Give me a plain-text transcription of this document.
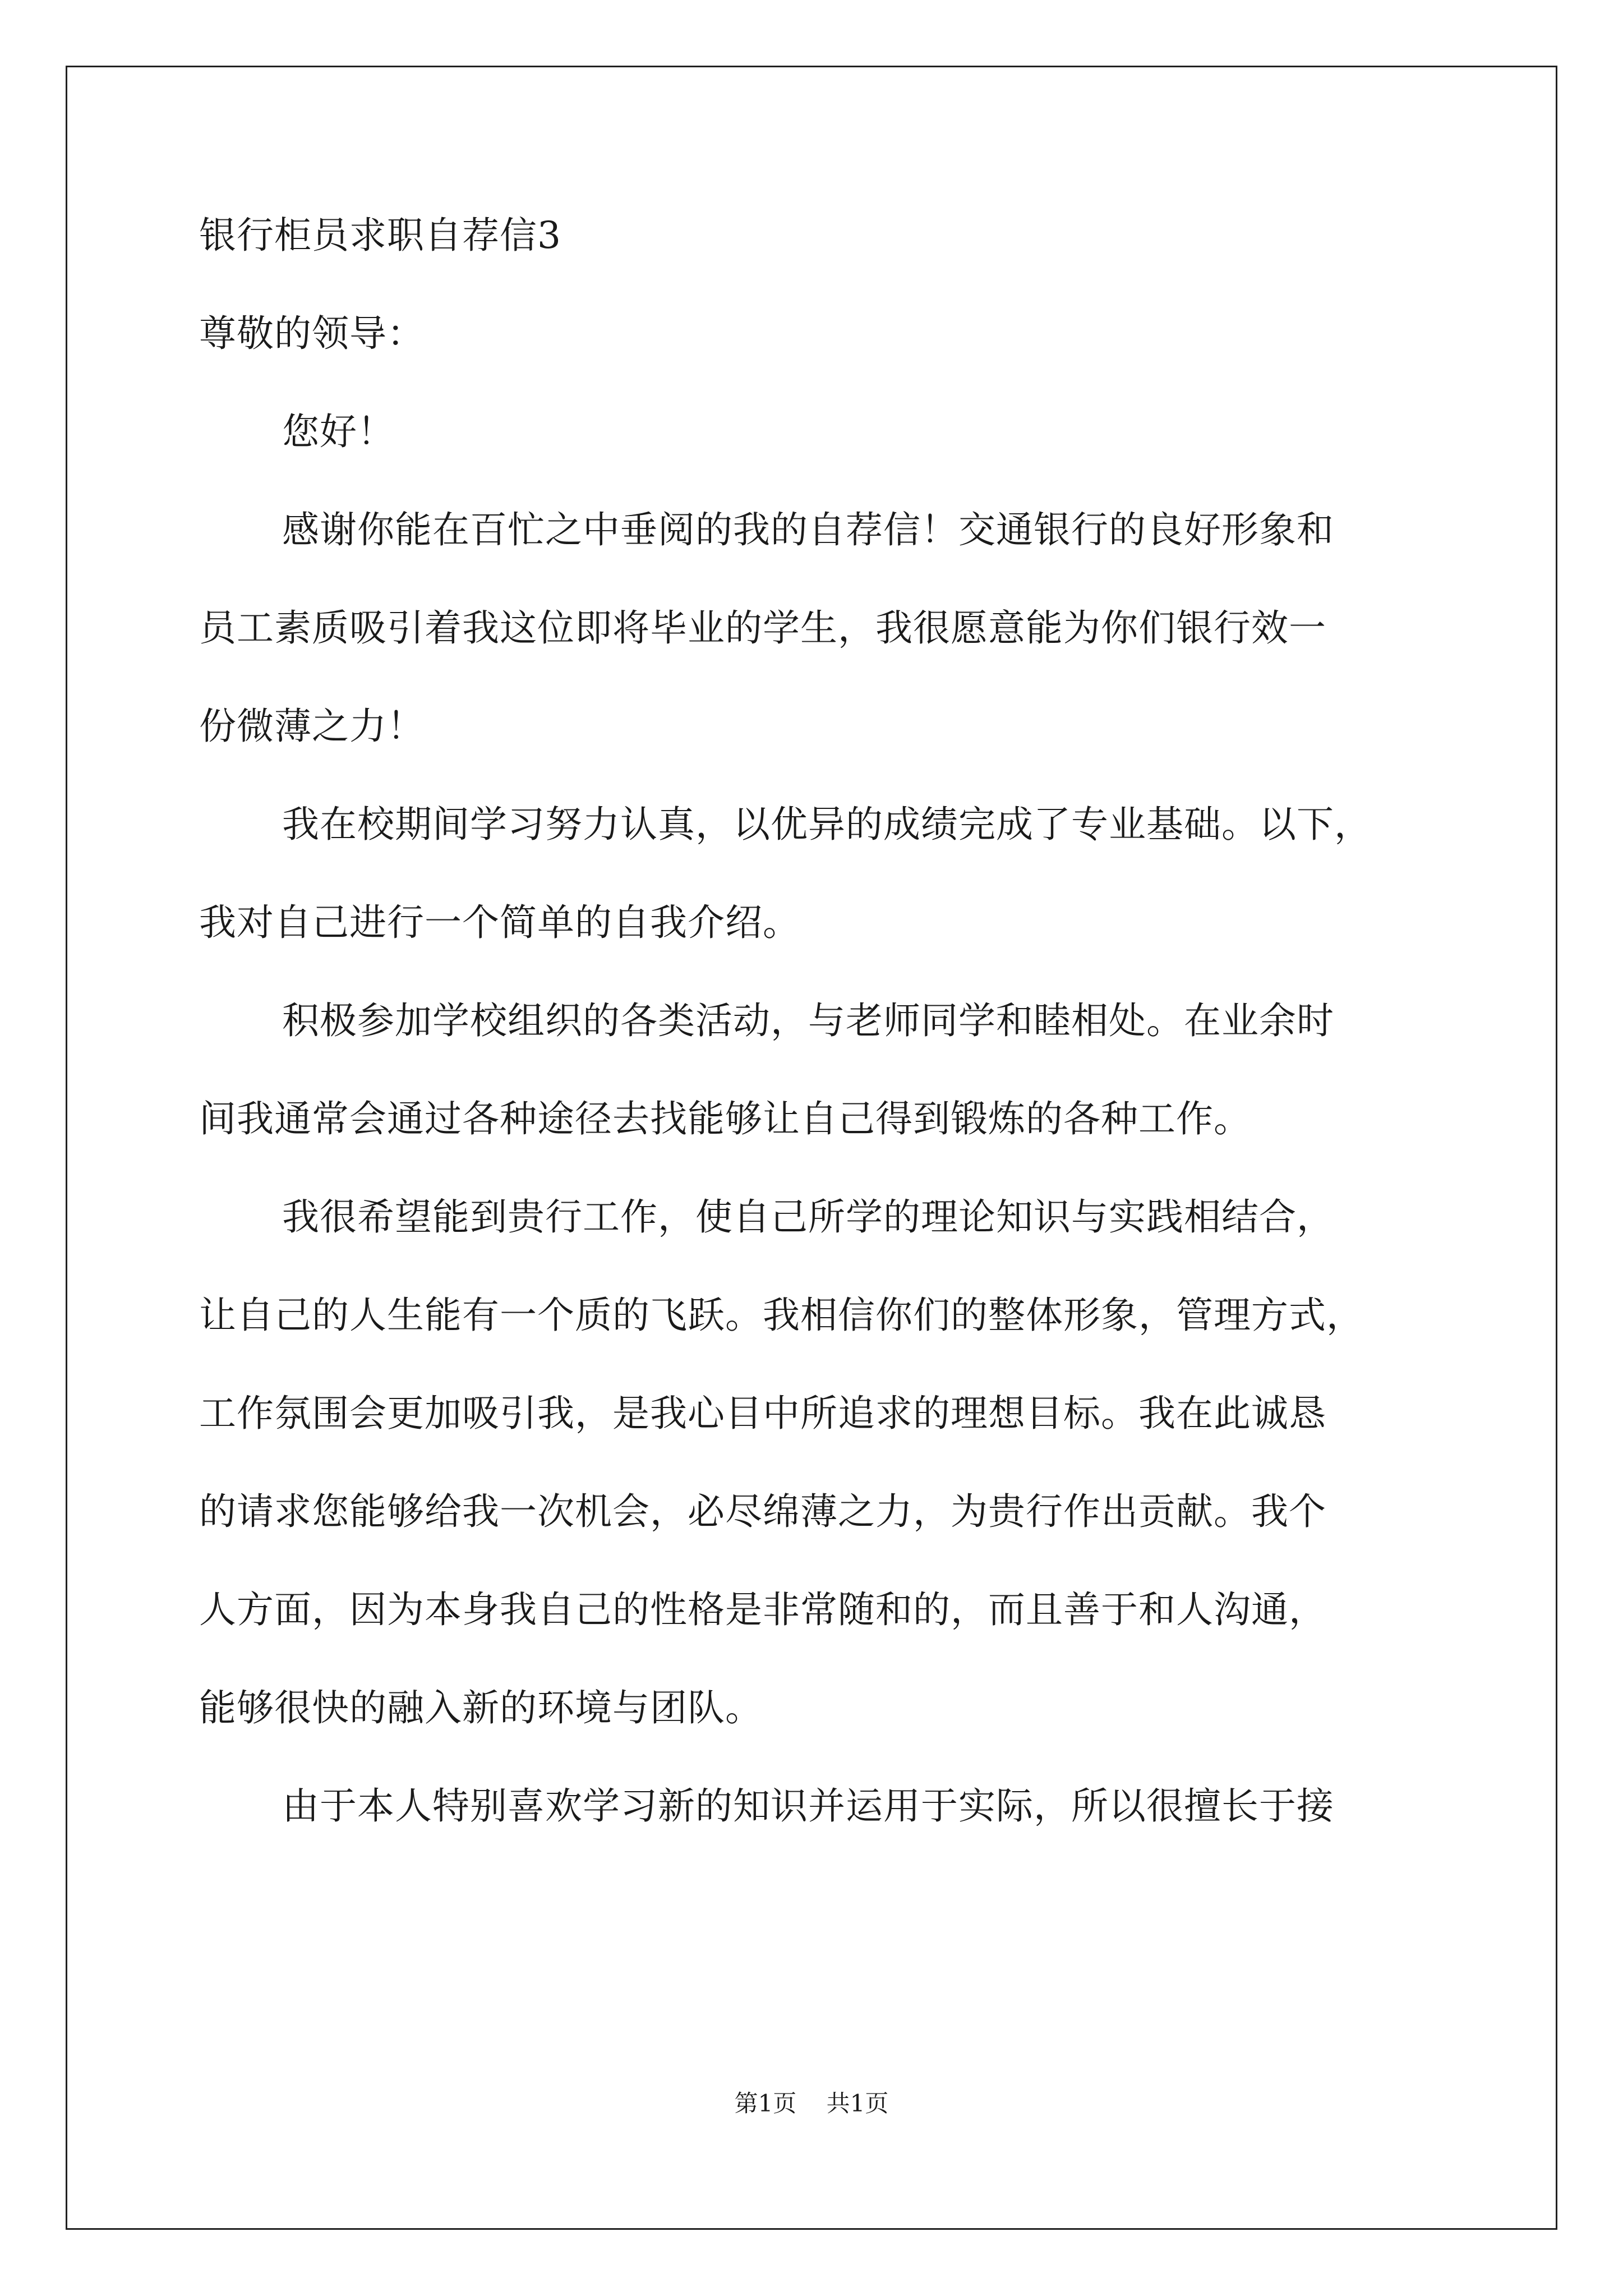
银行柜员求职自荐信3
尊敬的领导：
您好！
感谢你能在百忙之中垂阅的我的自荐信！交通银行的良好形象和
员工素质吸引着我这位即将毕业的学生，我很愿意能为你们银行效一
份微薄之力！
我在校期间学习努力认真，以优异的成绩完成了专业基础。以下，
我对自己进行一个简单的自我介绍。
积极参加学校组织的各类活动，与老师同学和睦相处。在业余时
间我通常会通过各种途径去找能够让自己得到锻炼的各种工作。
我很希望能到贵行工作，使自己所学的理论知识与实践相结合，
让自己的人生能有一个质的飞跃。我相信你们的整体形象，管理方式，
工作氛围会更加吸引我，是我心目中所追求的理想目标。我在此诚恳
的请求您能够给我一次机会，必尽绵薄之力，为贵行作出贡献。我个
人方面，因为本身我自己的性格是非常随和的，而且善于和人沟通，
能够很快的融入新的环境与团队。
由于本人特别喜欢学习新的知识并运用于实际，所以很擅长于接
第1页 共1页
